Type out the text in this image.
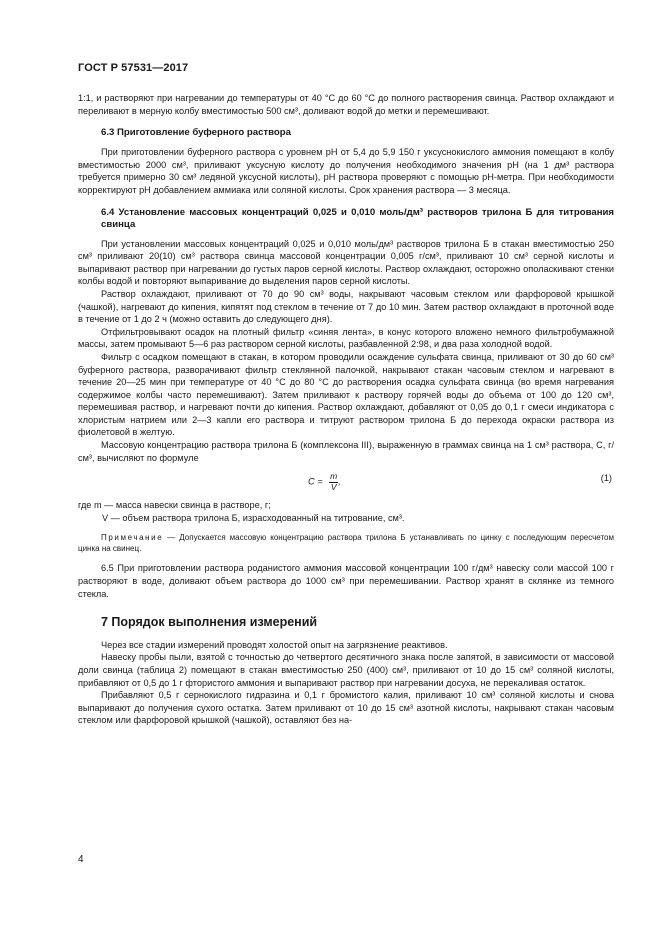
ГОСТ Р 57531—2017

1:1, и растворяют при нагревании до температуры от 40 °C до 60 °C до полного растворения свинца. Раствор охлаждают и переливают в мерную колбу вместимостью 500 см³, доливают водой до метки и перемешивают.

6.3 Приготовление буферного раствора

При приготовлении буферного раствора с уровнем pH от 5,4 до 5,9 150 г уксуснокислого аммония помещают в колбу вместимостью 2000 см³, приливают уксусную кислоту до получения необходимого значения pH (на 1 дм³ раствора требуется примерно 30 см³ ледяной уксусной кислоты), pH раствора проверяют с помощью pH-метра. При необходимости корректируют pH добавлением аммиака или соляной кислоты. Срок хранения раствора — 3 месяца.

6.4 Установление массовых концентраций 0,025 и 0,010 моль/дм³ растворов трилона Б для титрования свинца

При установлении массовых концентраций 0,025 и 0,010 моль/дм³ растворов трилона Б в стакан вместимостью 250 см³ приливают 20(10) см³ раствора свинца массовой концентрации 0,005 г/см³, приливают 10 см³ серной кислоты и выпаривают раствор при нагревании до густых паров серной кислоты. Раствор охлаждают, осторожно ополаскивают стенки колбы водой и повторяют выпаривание до выделения паров серной кислоты.

Раствор охлаждают, приливают от 70 до 90 см³ воды, накрывают часовым стеклом или фарфоровой крышкой (чашкой), нагревают до кипения, кипятят под стеклом в течение от 7 до 10 мин. Затем раствор охлаждают в проточной воде в течение от 1 до 2 ч (можно оставить до следующего дня).

Отфильтровывают осадок на плотный фильтр «синяя лента», в конус которого вложено немного фильтробумажной массы, затем промывают 5—6 раз раствором серной кислоты, разбавленной 2:98, и два раза холодной водой.

Фильтр с осадком помещают в стакан, в котором проводили осаждение сульфата свинца, приливают от 30 до 60 см³ буферного раствора, разворачивают фильтр стеклянной палочкой, накрывают стакан часовым стеклом и нагревают в течение 20—25 мин при температуре от 40 °C до 80 °C до растворения осадка сульфата свинца (во время нагревания содержимое колбы часто перемешивают). Затем приливают к раствору горячей воды до объема от 100 до 120 см³, перемешивая раствор, и нагревают почти до кипения. Раствор охлаждают, добавляют от 0,05 до 0,1 г смеси индикатора с хлористым натрием или 2—3 капли его раствора и титруют раствором трилона Б до перехода окраски раствора из фиолетовой в желтую.

Массовую концентрацию раствора трилона Б (комплексона III), выраженную в граммах свинца на 1 см³ раствора, C, г/см³, вычисляют по формуле

$C = \frac{m}{V}$ ,	(1)

где m — масса навески свинца в растворе, г;

V — объем раствора трилона Б, израсходованный на титрование, см³.

Примечание — Допускается массовую концентрацию раствора трилона Б устанавливать по цинку с последующим пересчетом цинка на свинец.

6.5 При приготовлении раствора роданистого аммония массовой концентрации 100 г/дм³ навеску соли массой 100 г растворяют в воде, доливают объем раствора до 1000 см³ при перемешивании. Раствор хранят в склянке из темного стекла.

7 Порядок выполнения измерений

Через все стадии измерений проводят холостой опыт на загрязнение реактивов.

Навеску пробы пыли, взятой с точностью до четвертого десятичного знака после запятой, в зависимости от массовой доли свинца (таблица 2) помещают в стакан вместимостью 250 (400) см³, приливают от 10 до 15 см³ соляной кислоты, прибавляют от 0,5 до 1 г фтористого аммония и выпаривают раствор при нагревании досуха, не перекаливая остаток.

Прибавляют 0,5 г сернокислого гидразина и 0,1 г бромистого калия, приливают 10 см³ соляной кислоты и снова выпаривают до получения сухого остатка. Затем приливают от 10 до 15 см³ азотной кислоты, накрывают стакан часовым стеклом или фарфоровой крышкой (чашкой), оставляют без на-

4
